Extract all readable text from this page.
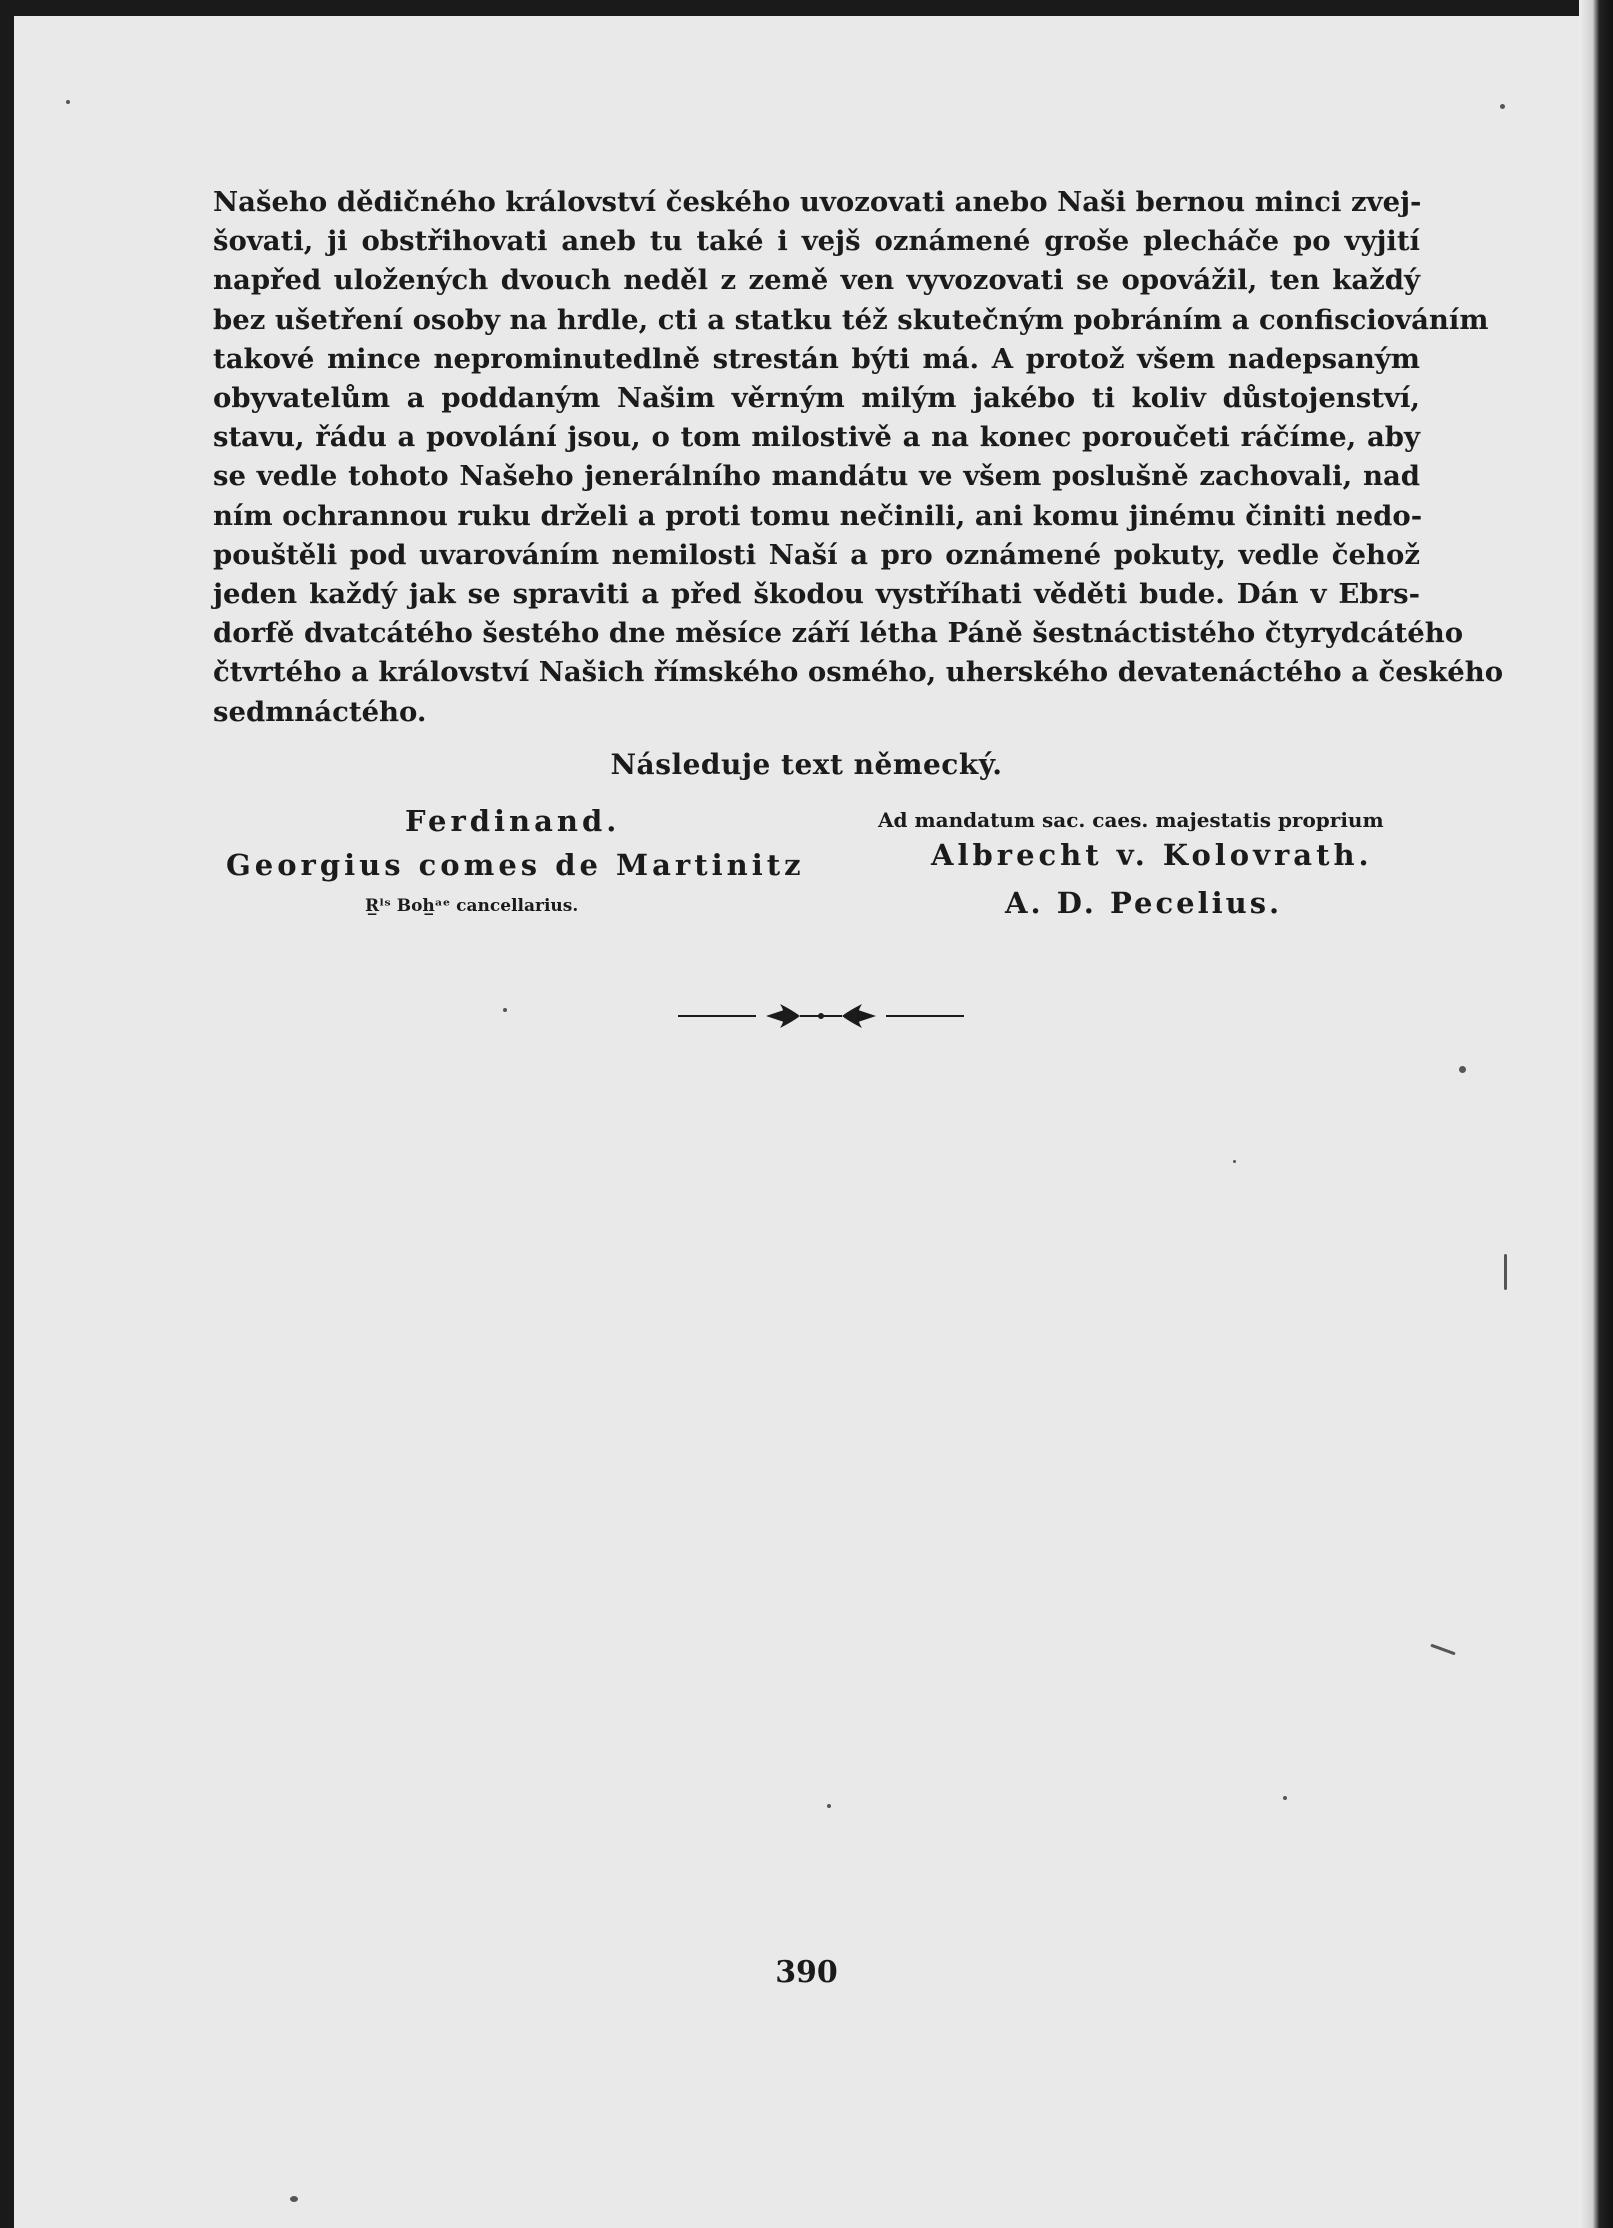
Našeho dědičného království českého uvozovati anebo Naši bernou minci zvej-
šovati, ji obstřihovati aneb tu také i vejš oznámené groše plecháče po vyjití
napřed uložených dvouch neděl z země ven vyvozovati se opovážil, ten každý
bez ušetření osoby na hrdle, cti a statku též skutečným pobráním a confisciováním
takové mince neprominutedlně strestán býti má. A protož všem nadepsaným
obyvatelům a poddaným Našim věrným milým jakébo ti koliv důstojenství,
stavu, řádu a povolání jsou, o tom milostivě a na konec poroučeti ráčíme, aby
se vedle tohoto Našeho jenerálního mandátu ve všem poslušně zachovali, nad
ním ochrannou ruku drželi a proti tomu nečinili, ani komu jinému činiti nedo-
pouštěli pod uvarováním nemilosti Naší a pro oznámené pokuty, vedle čehož
jeden každý jak se spraviti a před škodou vystříhati věděti bude. Dán v Ebrs-
dorfě dvatcátého šestého dne měsíce září létha Páně šestnáctistého čtyrydcátého
čtvrtého a království Našich římského osmého, uherského devatenáctého a českého
sedmnáctého.
Následuje text německý.
Ferdinand.
Georgius comes de Martinitz
R̲ˡˢ Boh̲ᵃᵉ cancellarius.
Ad mandatum sac. caes. majestatis proprium
Albrecht v. Kolovrath.
A. D. Pecelius.
390
